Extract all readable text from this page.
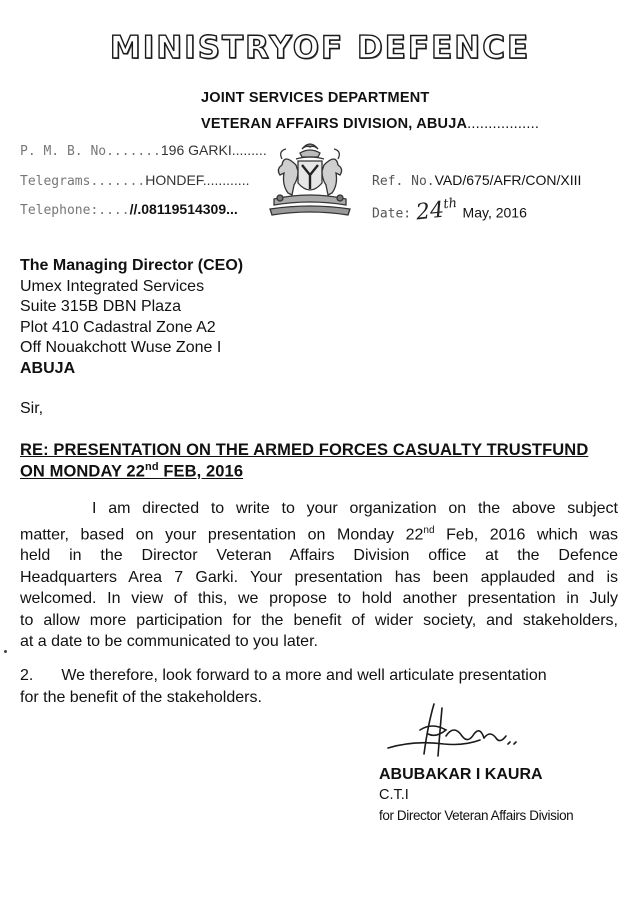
MINISTRYOF DEFENCE
JOINT SERVICES DEPARTMENT
VETERAN AFFAIRS DIVISION, ABUJA.................
P. M. B. No.......196 GARKI.........
Telegrams.......HONDEF............
Telephone:....//.08119514309...
Ref. No.VAD/675/AFR/CON/XIII
Date: 24th May, 2016
The Managing Director (CEO)
Umex Integrated Services
Suite 315B DBN Plaza
Plot 410 Cadastral Zone A2
Off Nouakchott Wuse Zone I
ABUJA
Sir,
RE: PRESENTATION ON THE ARMED FORCES CASUALTY TRUSTFUND
ON MONDAY 22nd FEB, 2016
I am directed to write to your organization on the above subject
matter, based on your presentation on Monday 22nd Feb, 2016 which was
held in the Director Veteran Affairs Division office at the Defence
Headquarters Area 7 Garki. Your presentation has been applauded and is
welcomed. In view of this, we propose to hold another presentation in July
to allow more participation for the benefit of wider society, and stakeholders,
at a date to be communicated to you later.
2. We therefore, look forward to a more and well articulate presentation
for the benefit of the stakeholders.
ABUBAKAR I KAURA
C.T.I
for Director Veteran Affairs Division
